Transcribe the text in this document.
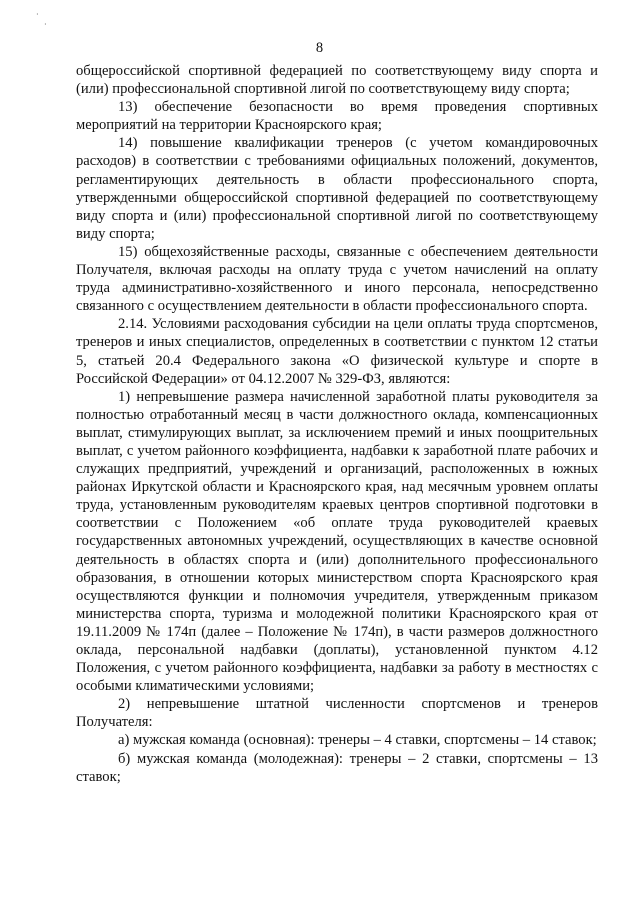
·
·
8

общероссийской спортивной федерацией по соответствующему виду спорта и (или) профессиональной спортивной лигой по соответствующему виду спорта;

13) обеспечение безопасности во время проведения спортивных мероприятий на территории Красноярского края;

14) повышение квалификации тренеров (с учетом командировочных расходов) в соответствии с требованиями официальных положений, документов, регламентирующих деятельность в области профессионального спорта, утвержденными общероссийской спортивной федерацией по соответствующему виду спорта и (или) профессиональной спортивной лигой по соответствующему виду спорта;

15) общехозяйственные расходы, связанные с обеспечением деятельности Получателя, включая расходы на оплату труда с учетом начислений на оплату труда административно-хозяйственного и иного персонала, непосредственно связанного с осуществлением деятельности в области профессионального спорта.

2.14. Условиями расходования субсидии на цели оплаты труда спортсменов, тренеров и иных специалистов, определенных в соответствии с пунктом 12 статьи 5, статьей 20.4 Федерального закона «О физической культуре и спорте в Российской Федерации» от 04.12.2007 № 329-ФЗ, являются:

1) непревышение размера начисленной заработной платы руководителя за полностью отработанный месяц в части должностного оклада, компенсационных выплат, стимулирующих выплат, за исключением премий и иных поощрительных выплат, с учетом районного коэффициента, надбавки к заработной плате рабочих и служащих предприятий, учреждений и организаций, расположенных в южных районах Иркутской области и Красноярского края, над месячным уровнем оплаты труда, установленным руководителям краевых центров спортивной подготовки в соответствии с Положением «об оплате труда руководителей краевых государственных автономных учреждений, осуществляющих в качестве основной деятельность в областях спорта и (или) дополнительного профессионального образования, в отношении которых министерством спорта Красноярского края осуществляются функции и полномочия учредителя, утвержденным приказом министерства спорта, туризма и молодежной политики Красноярского края от 19.11.2009 № 174п (далее – Положение № 174п), в части размеров должностного оклада, персональной надбавки (доплаты), установленной пунктом 4.12 Положения, с учетом районного коэффициента, надбавки за работу в местностях с особыми климатическими условиями;

2) непревышение штатной численности спортсменов и тренеров Получателя:

а) мужская команда (основная): тренеры – 4 ставки, спортсмены – 14 ставок;

б) мужская команда (молодежная): тренеры – 2 ставки, спортсмены – 13 ставок;
